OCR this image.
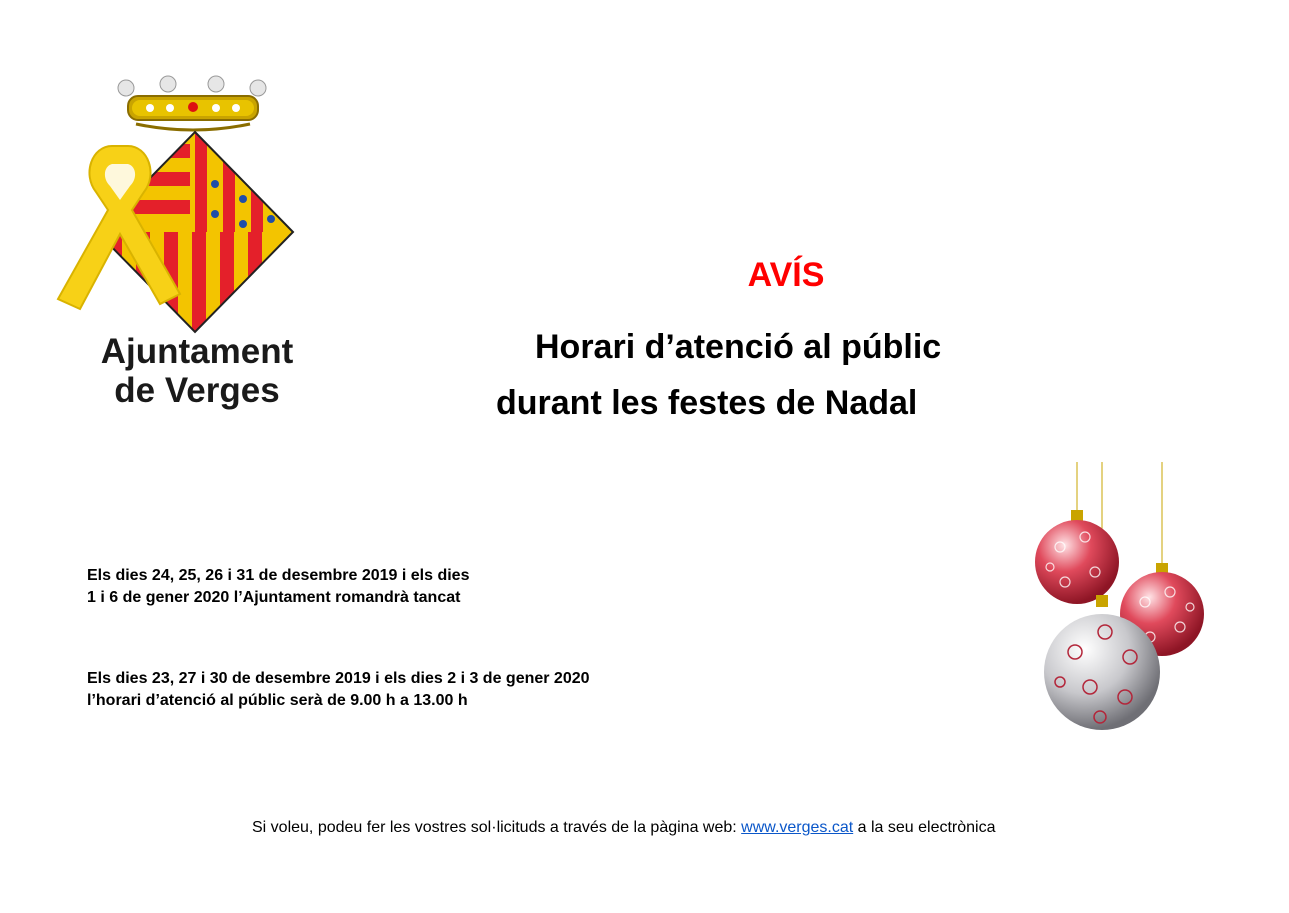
Ajuntament
de Verges
AVÍS
Horari d’atenció al públic
durant les festes de Nadal
Els dies 24, 25, 26 i 31 de desembre 2019 i els dies
1 i 6 de gener 2020 l’Ajuntament romandrà tancat
Els dies 23, 27 i 30 de desembre 2019 i els dies 2 i 3 de gener 2020
l’horari d’atenció al públic serà de 9.00 h a 13.00 h
Si voleu, podeu fer les vostres sol·licituds a través de la pàgina web: www.verges.cat a la seu electrònica
